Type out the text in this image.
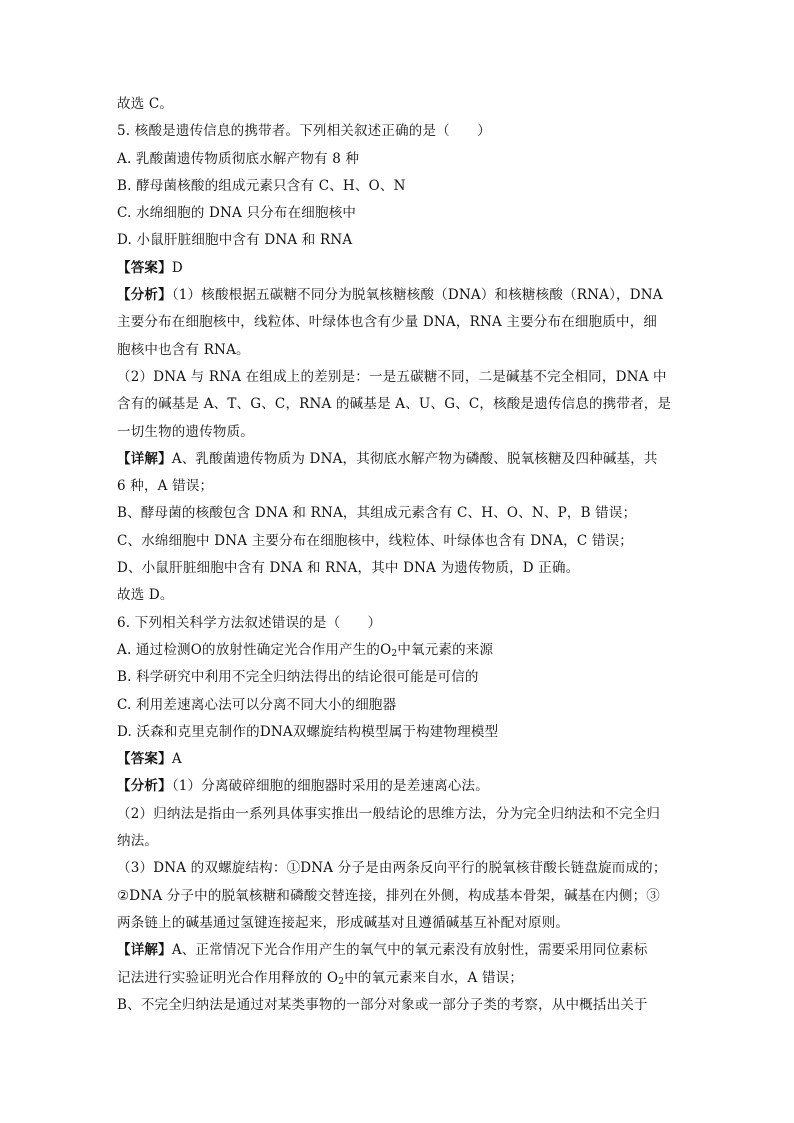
故选 C。
5. 核酸是遗传信息的携带者。下列相关叙述正确的是（　　）
A. 乳酸菌遗传物质彻底水解产物有 8 种
B. 酵母菌核酸的组成元素只含有 C、H、O、N
C. 水绵细胞的 DNA 只分布在细胞核中
D. 小鼠肝脏细胞中含有 DNA 和 RNA
【答案】D
【分析】（1）核酸根据五碳糖不同分为脱氧核糖核酸（DNA）和核糖核酸（RNA），DNA
主要分布在细胞核中，线粒体、叶绿体也含有少量 DNA，RNA 主要分布在细胞质中，细
胞核中也含有 RNA。
（2）DNA 与 RNA 在组成上的差别是：一是五碳糖不同，二是碱基不完全相同，DNA 中
含有的碱基是 A、T、G、C，RNA 的碱基是 A、U、G、C，核酸是遗传信息的携带者，是
一切生物的遗传物质。
【详解】A、乳酸菌遗传物质为 DNA，其彻底水解产物为磷酸、脱氧核糖及四种碱基，共
6 种，A 错误；
B、酵母菌的核酸包含 DNA 和 RNA，其组成元素含有 C、H、O、N、P，B 错误；
C、水绵细胞中 DNA 主要分布在细胞核中，线粒体、叶绿体也含有 DNA，C 错误；
D、小鼠肝脏细胞中含有 DNA 和 RNA，其中 DNA 为遗传物质，D 正确。
故选 D。
6. 下列相关科学方法叙述错误的是（　　）
A. 通过检测O的放射性确定光合作用产生的$O_2$中氧元素的来源
B. 科学研究中利用不完全归纳法得出的结论很可能是可信的
C. 利用差速离心法可以分离不同大小的细胞器
D. 沃森和克里克制作的DNA双螺旋结构模型属于构建物理模型
【答案】A
【分析】（1）分离破碎细胞的细胞器时采用的是差速离心法。
（2）归纳法是指由一系列具体事实推出一般结论的思维方法，分为完全归纳法和不完全归
纳法。
（3）DNA 的双螺旋结构：①DNA 分子是由两条反向平行的脱氧核苷酸长链盘旋而成的；
②DNA 分子中的脱氧核糖和磷酸交替连接，排列在外侧，构成基本骨架，碱基在内侧；③
两条链上的碱基通过氢键连接起来，形成碱基对且遵循碱基互补配对原则。
【详解】A、正常情况下光合作用产生的氧气中的氧元素没有放射性，需要采用同位素标
记法进行实验证明光合作用释放的 $O_2$中的氧元素来自水，A 错误；
B、不完全归纳法是通过对某类事物的一部分对象或一部分子类的考察，从中概括出关于
